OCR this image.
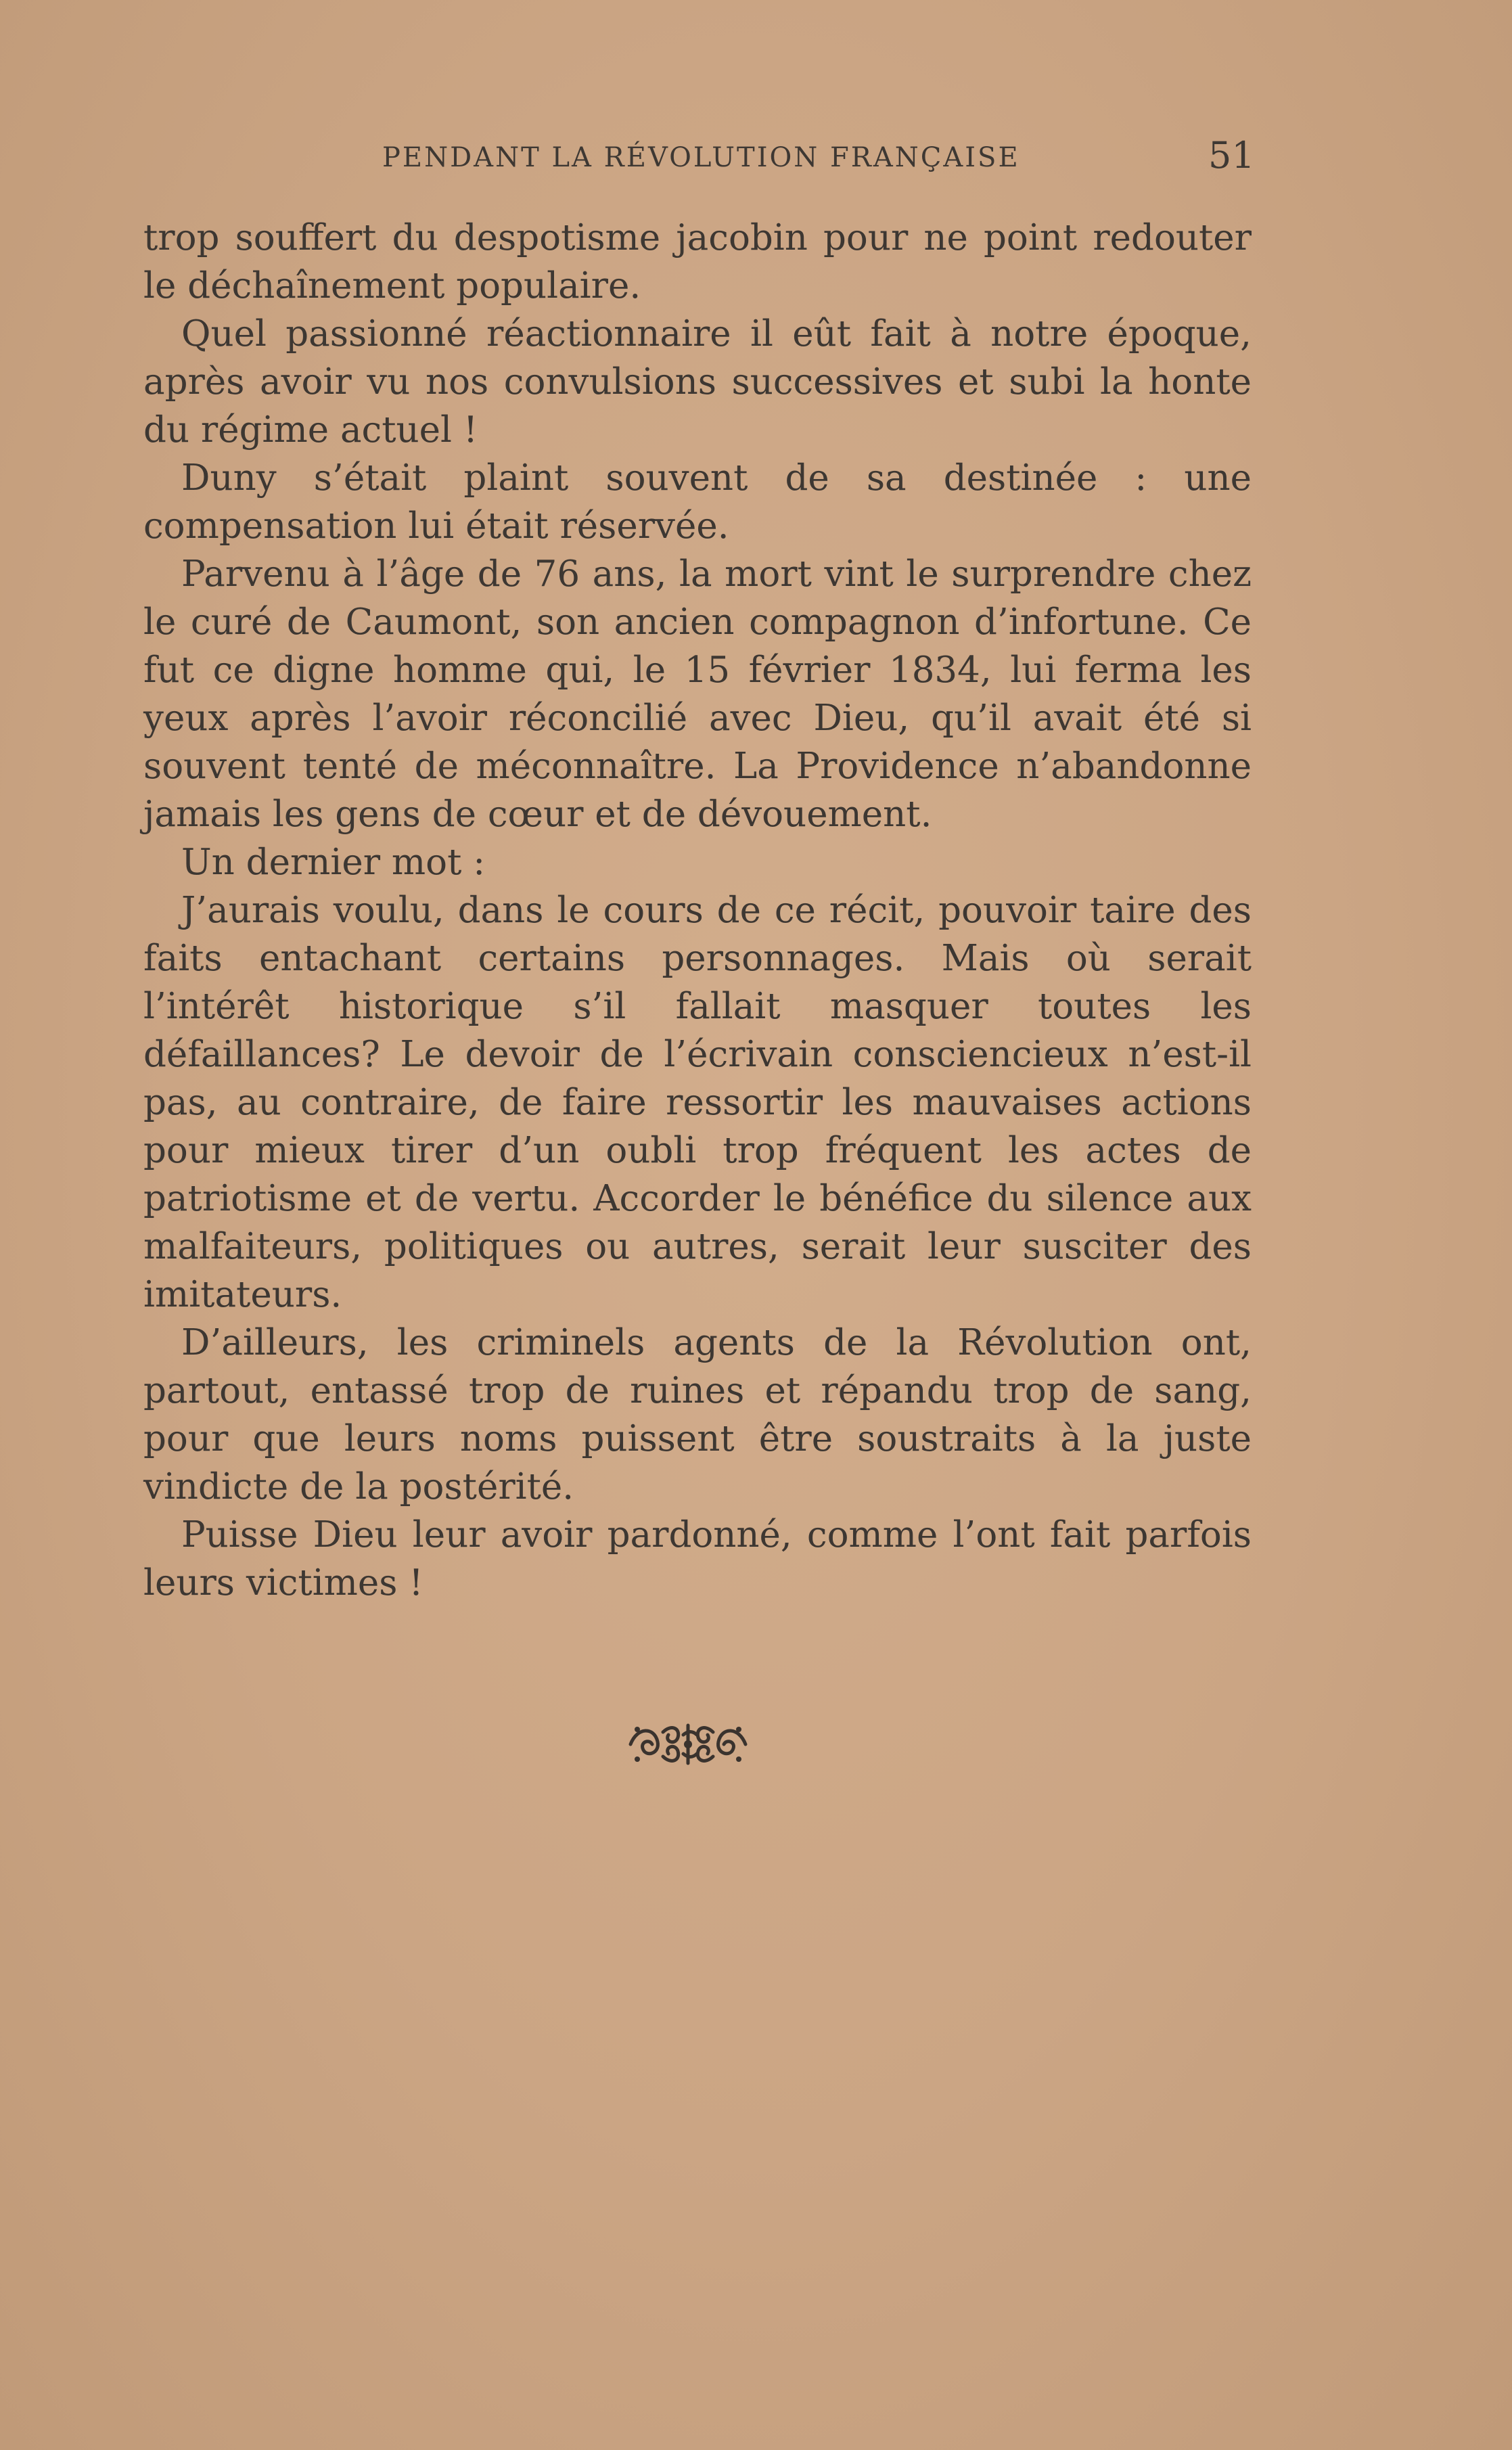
PENDANT LA RÉVOLUTION FRANÇAISE	51

trop souffert du despotisme jacobin pour ne point redouter le déchaînement populaire.

Quel passionné réactionnaire il eût fait à notre époque, après avoir vu nos convulsions successives et subi la honte du régime actuel !

Duny s’était plaint souvent de sa destinée : une compensation lui était réservée.

Parvenu à l’âge de 76 ans, la mort vint le surprendre chez le curé de Caumont, son ancien compagnon d’infortune. Ce fut ce digne homme qui, le 15 février 1834, lui ferma les yeux après l’avoir réconcilié avec Dieu, qu’il avait été si souvent tenté de méconnaître. La Providence n’abandonne jamais les gens de cœur et de dévouement.

Un dernier mot :

J’aurais voulu, dans le cours de ce récit, pouvoir taire des faits entachant certains personnages. Mais où serait l’intérêt historique s’il fallait masquer toutes les défaillances? Le devoir de l’écrivain consciencieux n’est-il pas, au contraire, de faire ressortir les mauvaises actions pour mieux tirer d’un oubli trop fréquent les actes de patriotisme et de vertu. Accorder le bénéfice du silence aux malfaiteurs, politiques ou autres, serait leur susciter des imitateurs.

D’ailleurs, les criminels agents de la Révolution ont, partout, entassé trop de ruines et répandu trop de sang, pour que leurs noms puissent être soustraits à la juste vindicte de la postérité.

Puisse Dieu leur avoir pardonné, comme l’ont fait parfois leurs victimes !
